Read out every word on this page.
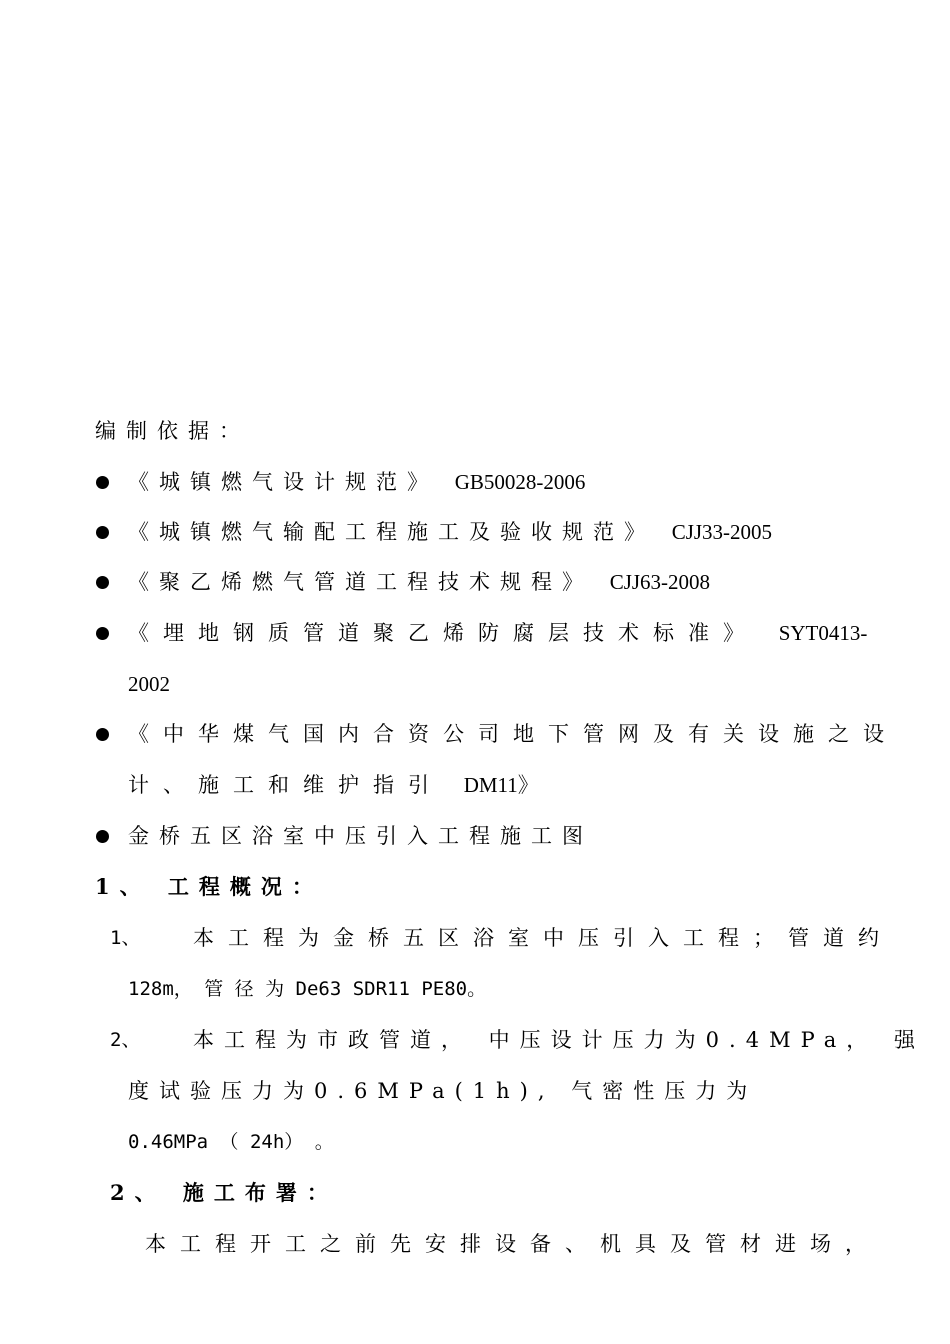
编制依据：
《城镇燃气设计规范》 GB50028-2006
《城镇燃气输配工程施工及验收规范》 CJJ33-2005
《聚乙烯燃气管道工程技术规程》 CJJ63-2008
《埋地钢质管道聚乙烯防腐层技术标准》 SYT0413-
2002
《中华煤气国内合资公司地下管网及有关设施之设
计、施工和维护指引 DM11》
金桥五区浴室中压引入工程施工图
1、 工程概况：
1、	本工程为金桥五区浴室中压引入工程；管道约
128m， 管 径 为 De63 SDR11 PE80。
2、	本工程为市政管道， 中压设计压力为0.4MPa， 强
度试验压力为0.6MPa(1h), 气密性压力为
0.46MPa （ 24h） 。
2、 施工布署：
本工程开工之前先安排设备、机具及管材进场，
